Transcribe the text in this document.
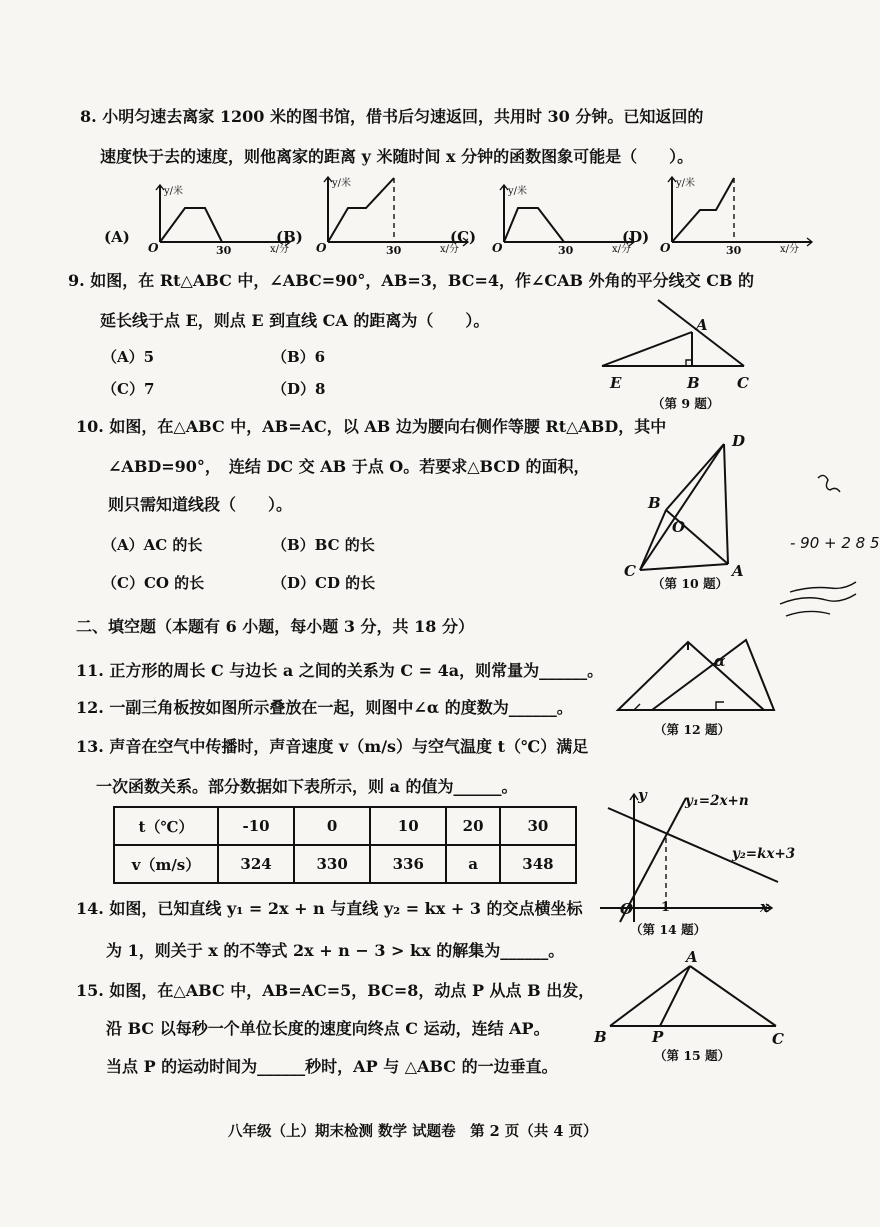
8. 小明匀速去离家 1200 米的图书馆，借书后匀速返回，共用时 30 分钟。已知返回的
速度快于去的速度，则他离家的距离 y 米随时间 x 分钟的函数图象可能是（　　）。
(A)
y/米
O	30	x/分
(B)
y/米
O	30	x/分
(C)
y/米
O	30	x/分
(D)
y/米
O	30	x/分
9. 如图，在 Rt△ABC 中，∠ABC=90°，AB=3，BC=4，作∠CAB 外角的平分线交 CB 的
延长线于点 E，则点 E 到直线 CA 的距离为（　　）。
（A）5	（B）6
（C）7	（D）8
A
E	B C
（第 9 题）
10. 如图，在△ABC 中，AB=AC，以 AB 边为腰向右侧作等腰 Rt△ABD，其中
∠ABD=90°，　连结 DC 交 AB 于点 O。若要求△BCD 的面积，
则只需知道线段（　　）。
（A）AC 的长	（B）BC 的长
（C）CO 的长	（D）CD 的长
D
B
O
C	A
（第 10 题）
- 90 + 2 8 5
二、填空题（本题有 6 小题，每小题 3 分，共 18 分）
11. 正方形的周长 C 与边长 a 之间的关系为 C = 4a，则常量为______。
12. 一副三角板按如图所示叠放在一起，则图中∠α 的度数为______。
α
（第 12 题）
13. 声音在空气中传播时，声音速度 v（m/s）与空气温度 t（℃）满足
一次函数关系。部分数据如下表所示，则 a 的值为______。
t（℃）	-10	0	10	20	30
v（m/s）	324	330	336	a	348
y
x
O 1
y₁=2x+n
y₂=kx+3
（第 14 题）
14. 如图，已知直线 y₁ = 2x + n 与直线 y₂ = kx + 3 的交点横坐标
为 1，则关于 x 的不等式 2x + n − 3 > kx 的解集为______。
15. 如图，在△ABC 中，AB=AC=5，BC=8，动点 P 从点 B 出发，
沿 BC 以每秒一个单位长度的速度向终点 C 运动，连结 AP。
当点 P 的运动时间为______秒时，AP 与 △ABC 的一边垂直。
A
B	P	C
（第 15 题）
八年级（上）期末检测 数学 试题卷　第 2 页（共 4 页）
